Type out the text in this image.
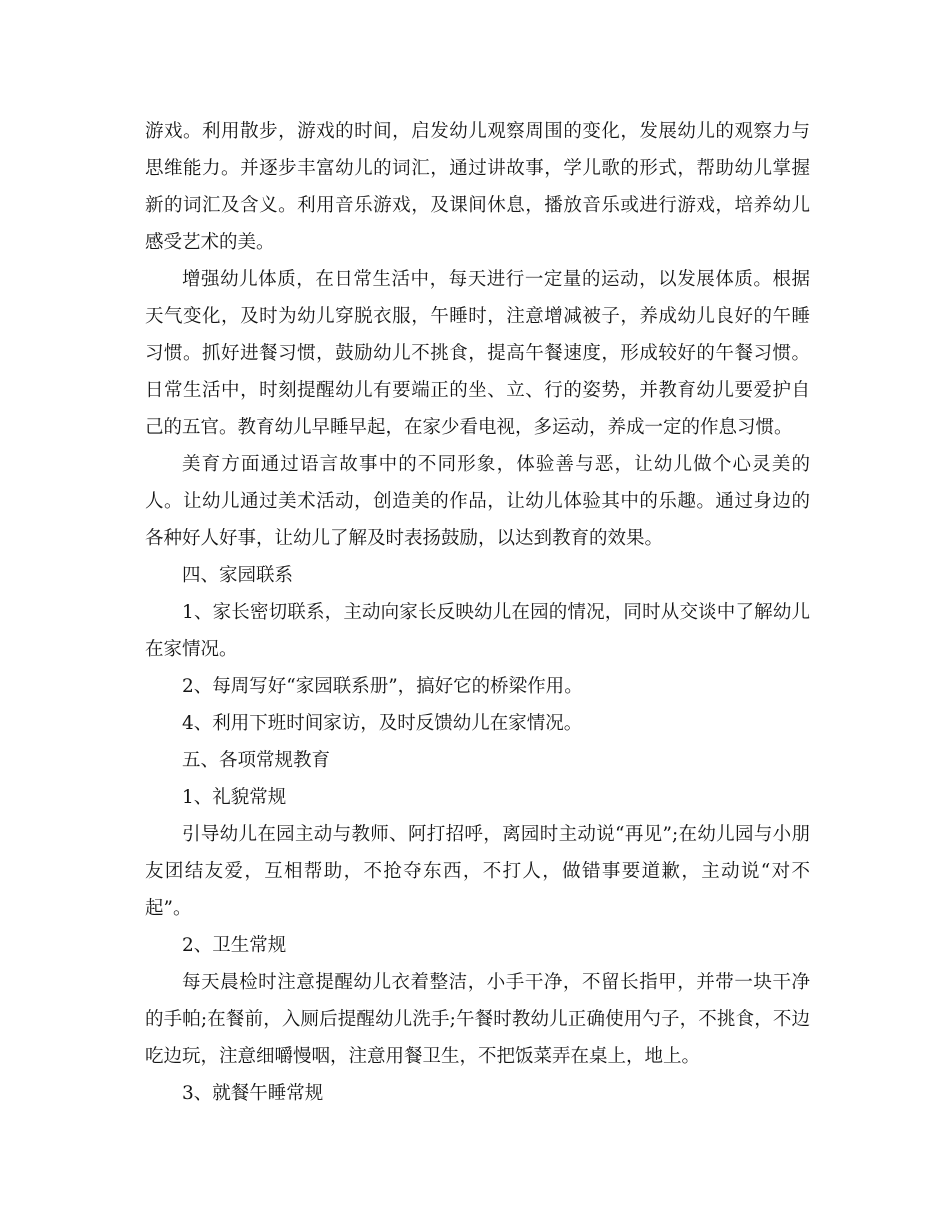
游戏。利用散步，游戏的时间，启发幼儿观察周围的变化，发展幼儿的观察力与思维能力。并逐步丰富幼儿的词汇，通过讲故事，学儿歌的形式，帮助幼儿掌握新的词汇及含义。利用音乐游戏，及课间休息，播放音乐或进行游戏，培养幼儿感受艺术的美。

增强幼儿体质，在日常生活中，每天进行一定量的运动，以发展体质。根据天气变化，及时为幼儿穿脱衣服，午睡时，注意增减被子，养成幼儿良好的午睡习惯。抓好进餐习惯，鼓励幼儿不挑食，提高午餐速度，形成较好的午餐习惯。日常生活中，时刻提醒幼儿有要端正的坐、立、行的姿势，并教育幼儿要爱护自己的五官。教育幼儿早睡早起，在家少看电视，多运动，养成一定的作息习惯。

美育方面通过语言故事中的不同形象，体验善与恶，让幼儿做个心灵美的人。让幼儿通过美术活动，创造美的作品，让幼儿体验其中的乐趣。通过身边的各种好人好事，让幼儿了解及时表扬鼓励，以达到教育的效果。

四、家园联系

1、家长密切联系，主动向家长反映幼儿在园的情况，同时从交谈中了解幼儿在家情况。

2、每周写好“家园联系册”，搞好它的桥梁作用。

4、利用下班时间家访，及时反馈幼儿在家情况。

五、各项常规教育

1、礼貌常规

引导幼儿在园主动与教师、阿打招呼，离园时主动说“再见”;在幼儿园与小朋友团结友爱，互相帮助，不抢夺东西，不打人，做错事要道歉，主动说“对不起”。

2、卫生常规

每天晨检时注意提醒幼儿衣着整洁，小手干净，不留长指甲，并带一块干净的手帕;在餐前，入厕后提醒幼儿洗手;午餐时教幼儿正确使用勺子，不挑食，不边吃边玩，注意细嚼慢咽，注意用餐卫生，不把饭菜弄在桌上，地上。

3、就餐午睡常规
